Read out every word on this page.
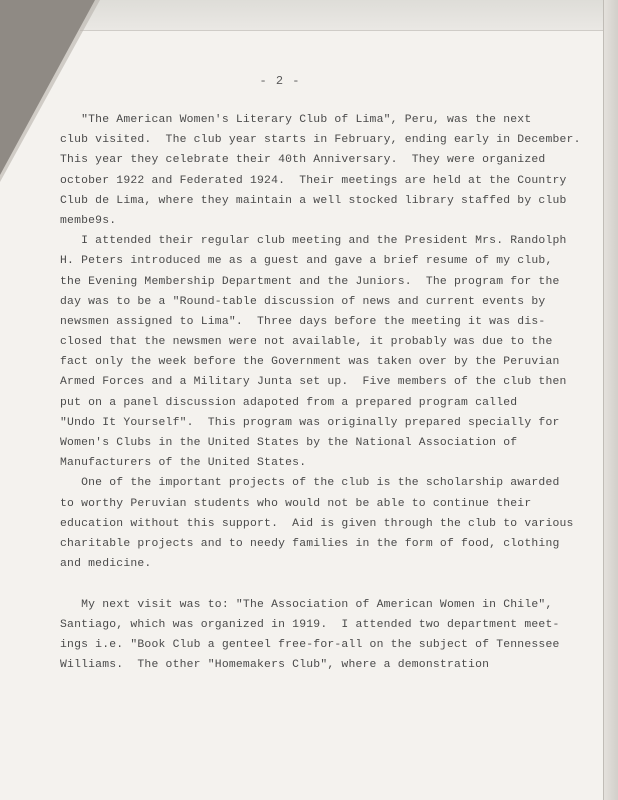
- 2 -
"The American Women's Literary Club of Lima", Peru, was the next
club visited.  The club year starts in February, ending early in December.
This year they celebrate their 40th Anniversary.  They were organized
october 1922 and Federated 1924.  Their meetings are held at the Country
Club de Lima, where they maintain a well stocked library staffed by club
membe9s.
I attended their regular club meeting and the President Mrs. Randolph
H. Peters introduced me as a guest and gave a brief resume of my club,
the Evening Membership Department and the Juniors.  The program for the
day was to be a "Round-table discussion of news and current events by
newsmen assigned to Lima".  Three days before the meeting it was dis-
closed that the newsmen were not available, it probably was due to the
fact only the week before the Government was taken over by the Peruvian
Armed Forces and a Military Junta set up.  Five members of the club then
put on a panel discussion adapoted from a prepared program called
"Undo It Yourself".  This program was originally prepared specially for
Women's Clubs in the United States by the National Association of
Manufacturers of the United States.
One of the important projects of the club is the scholarship awarded
to worthy Peruvian students who would not be able to continue their
education without this support.  Aid is given through the club to various
charitable projects and to needy families in the form of food, clothing
and medicine.
My next visit was to: "The Association of American Women in Chile",
Santiago, which was organized in 1919.  I attended two department meet-
ings i.e. "Book Club a genteel free-for-all on the subject of Tennessee
Williams.  The other "Homemakers Club", where a demonstration
